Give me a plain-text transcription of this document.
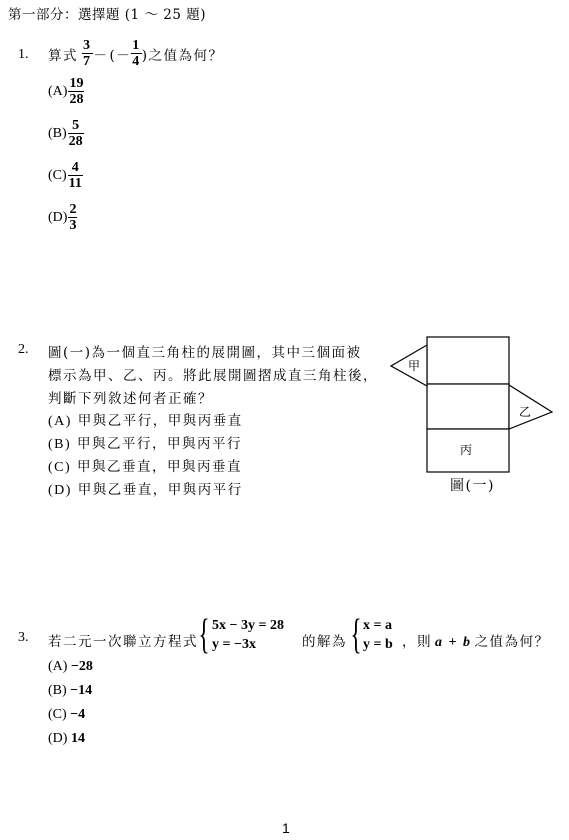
第一部分：選擇題 (1 ～ 25 題)
1. 算式 $\frac{3}{7}$ － (－ $\frac{1}{4}$ )之值為何？
$(A) \frac{19}{28}$
$(B) \frac{5}{28}$
$(C) \frac{4}{11}$
$(D) \frac{2}{3}$
2. 圖(一)為一個直三角柱的展開圖，其中三個面被
標示為甲、乙、丙。將此展開圖摺成直三角柱後，
判斷下列敘述何者正確？
(A) 甲與乙平行，甲與丙垂直
(B) 甲與乙平行，甲與丙平行
(C) 甲與乙垂直，甲與丙垂直
(D) 甲與乙垂直，甲與丙平行
甲
乙
丙
圖(一)
3. 若二元一次聯立方程式 { 5x − 3y = 28
y = −3x	的解為 { x = a
y = b ，則 a + b 之值為何？
(A) −28
(B) −14
(C) −4
(D) 14
1
